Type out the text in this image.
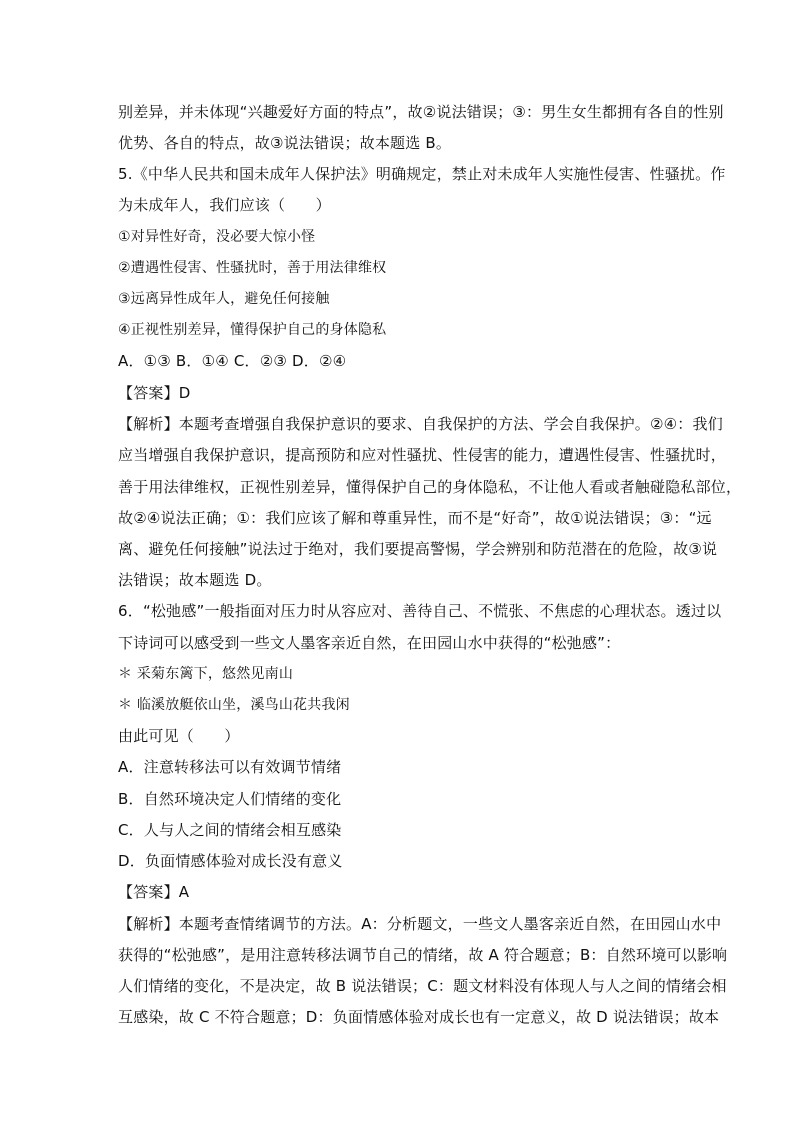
别差异，并未体现“兴趣爱好方面的特点”，故②说法错误；③：男生女生都拥有各自的性别
优势、各自的特点，故③说法错误；故本题选 B。
5.《中华人民共和国未成年人保护法》明确规定，禁止对未成年人实施性侵害、性骚扰。作
为未成年人，我们应该（　　）
①对异性好奇，没必要大惊小怪
②遭遇性侵害、性骚扰时，善于用法律维权
③远离异性成年人，避免任何接触
④正视性别差异，懂得保护自己的身体隐私
A．①③ B．①④ C．②③ D．②④
【答案】D
【解析】本题考查增强自我保护意识的要求、自我保护的方法、学会自我保护。②④：我们
应当增强自我保护意识，提高预防和应对性骚扰、性侵害的能力，遭遇性侵害、性骚扰时，
善于用法律维权，正视性别差异，懂得保护自己的身体隐私，不让他人看或者触碰隐私部位，
故②④说法正确；①：我们应该了解和尊重异性，而不是“好奇”，故①说法错误；③：“远
离、避免任何接触”说法过于绝对，我们要提高警惕，学会辨别和防范潜在的危险，故③说
法错误；故本题选 D。
6．“松弛感”一般指面对压力时从容应对、善待自己、不慌张、不焦虑的心理状态。透过以
下诗词可以感受到一些文人墨客亲近自然，在田园山水中获得的“松弛感”：
＊ 采菊东篱下，悠然见南山
＊ 临溪放艇依山坐，溪鸟山花共我闲
由此可见（　　）
A．注意转移法可以有效调节情绪
B．自然环境决定人们情绪的变化
C．人与人之间的情绪会相互感染
D．负面情感体验对成长没有意义
【答案】A
【解析】本题考查情绪调节的方法。A：分析题文，一些文人墨客亲近自然，在田园山水中
获得的“松弛感”，是用注意转移法调节自己的情绪，故 A 符合题意；B：自然环境可以影响
人们情绪的变化，不是决定，故 B 说法错误；C：题文材料没有体现人与人之间的情绪会相
互感染，故 C 不符合题意；D：负面情感体验对成长也有一定意义，故 D 说法错误；故本
